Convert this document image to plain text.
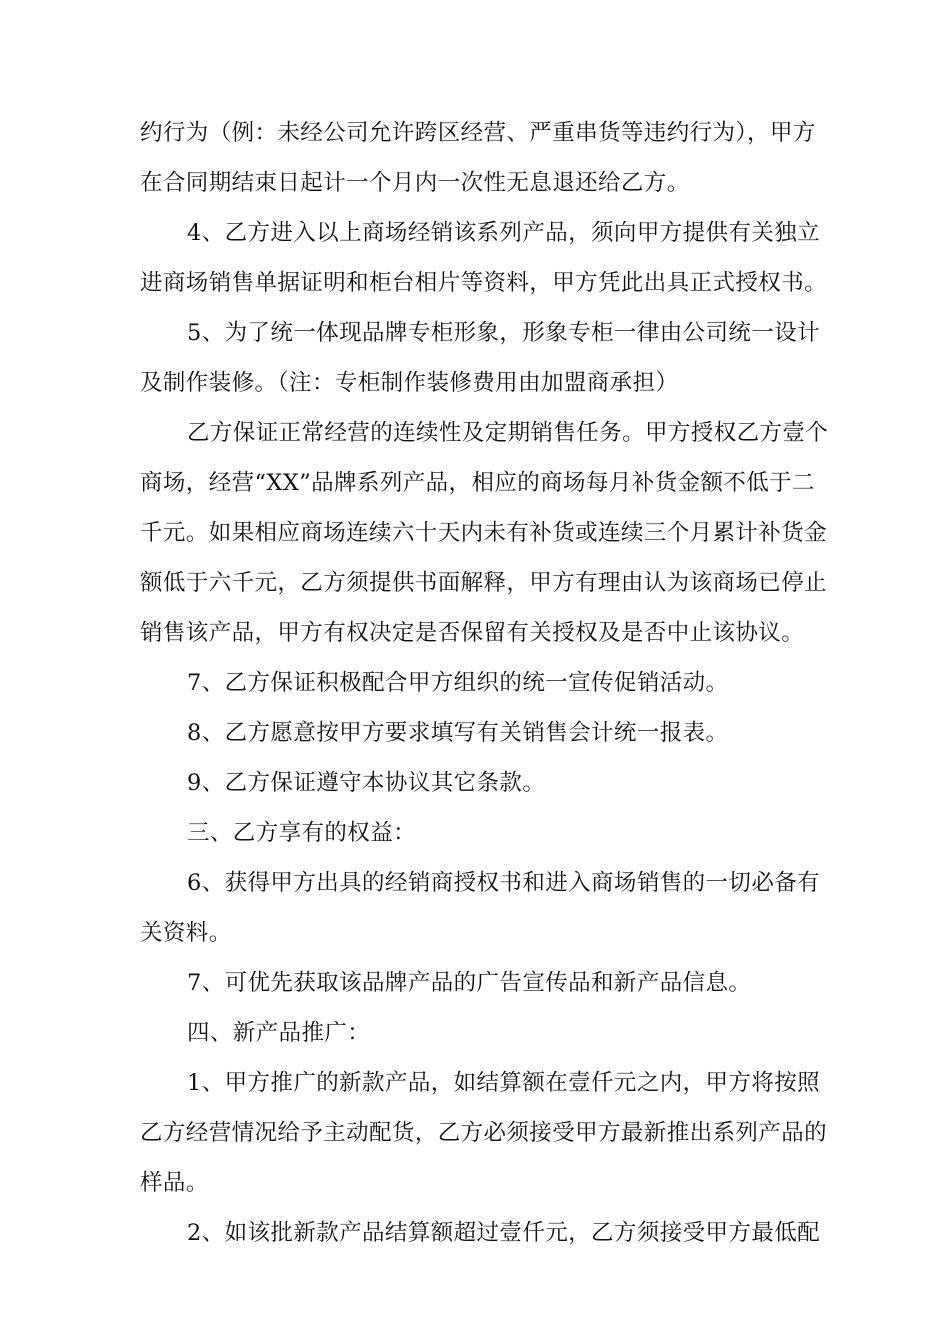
约行为（例：未经公司允许跨区经营、严重串货等违约行为），甲方
在合同期结束日起计一个月内一次性无息退还给乙方。
4、乙方进入以上商场经销该系列产品，须向甲方提供有关独立
进商场销售单据证明和柜台相片等资料，甲方凭此出具正式授权书。
5、为了统一体现品牌专柜形象，形象专柜一律由公司统一设计
及制作装修。（注：专柜制作装修费用由加盟商承担）
乙方保证正常经营的连续性及定期销售任务。甲方授权乙方壹个
商场，经营“XX”品牌系列产品，相应的商场每月补货金额不低于二
千元。如果相应商场连续六十天内未有补货或连续三个月累计补货金
额低于六千元，乙方须提供书面解释，甲方有理由认为该商场已停止
销售该产品，甲方有权决定是否保留有关授权及是否中止该协议。
7、乙方保证积极配合甲方组织的统一宣传促销活动。
8、乙方愿意按甲方要求填写有关销售会计统一报表。
9、乙方保证遵守本协议其它条款。
三、乙方享有的权益：
6、获得甲方出具的经销商授权书和进入商场销售的一切必备有
关资料。
7、可优先获取该品牌产品的广告宣传品和新产品信息。
四、新产品推广：
1、甲方推广的新款产品，如结算额在壹仟元之内，甲方将按照
乙方经营情况给予主动配货，乙方必须接受甲方最新推出系列产品的
样品。
2、如该批新款产品结算额超过壹仟元，乙方须接受甲方最低配
